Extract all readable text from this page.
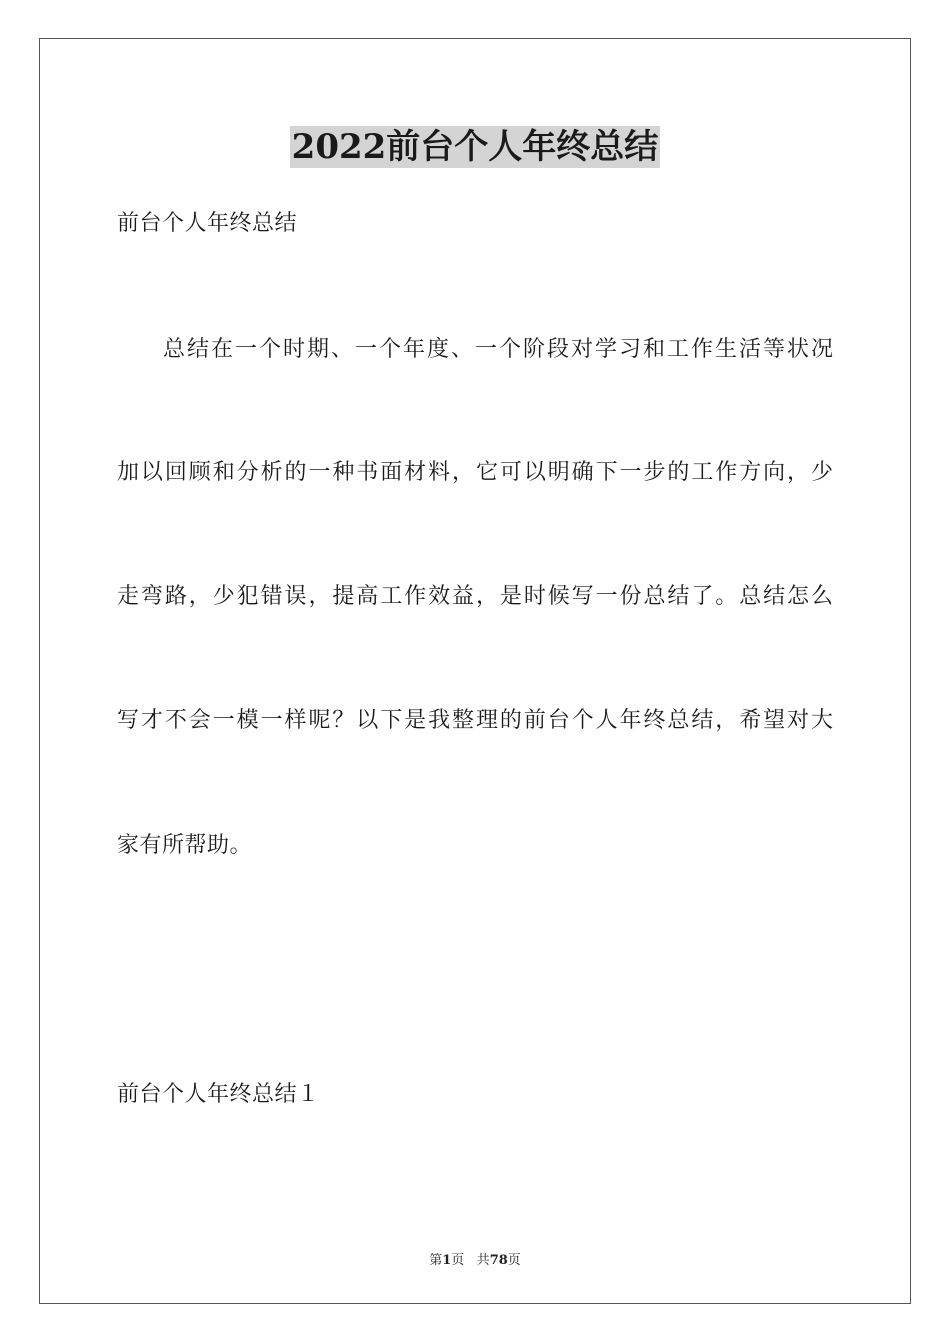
2022前台个人年终总结
前台个人年终总结
总结在一个时期、一个年度、一个阶段对学习和工作生活等状况
加以回顾和分析的一种书面材料，它可以明确下一步的工作方向，少
走弯路，少犯错误，提高工作效益，是时候写一份总结了。总结怎么
写才不会一模一样呢？以下是我整理的前台个人年终总结，希望对大
家有所帮助。
前台个人年终总结１
第1页 共78页
